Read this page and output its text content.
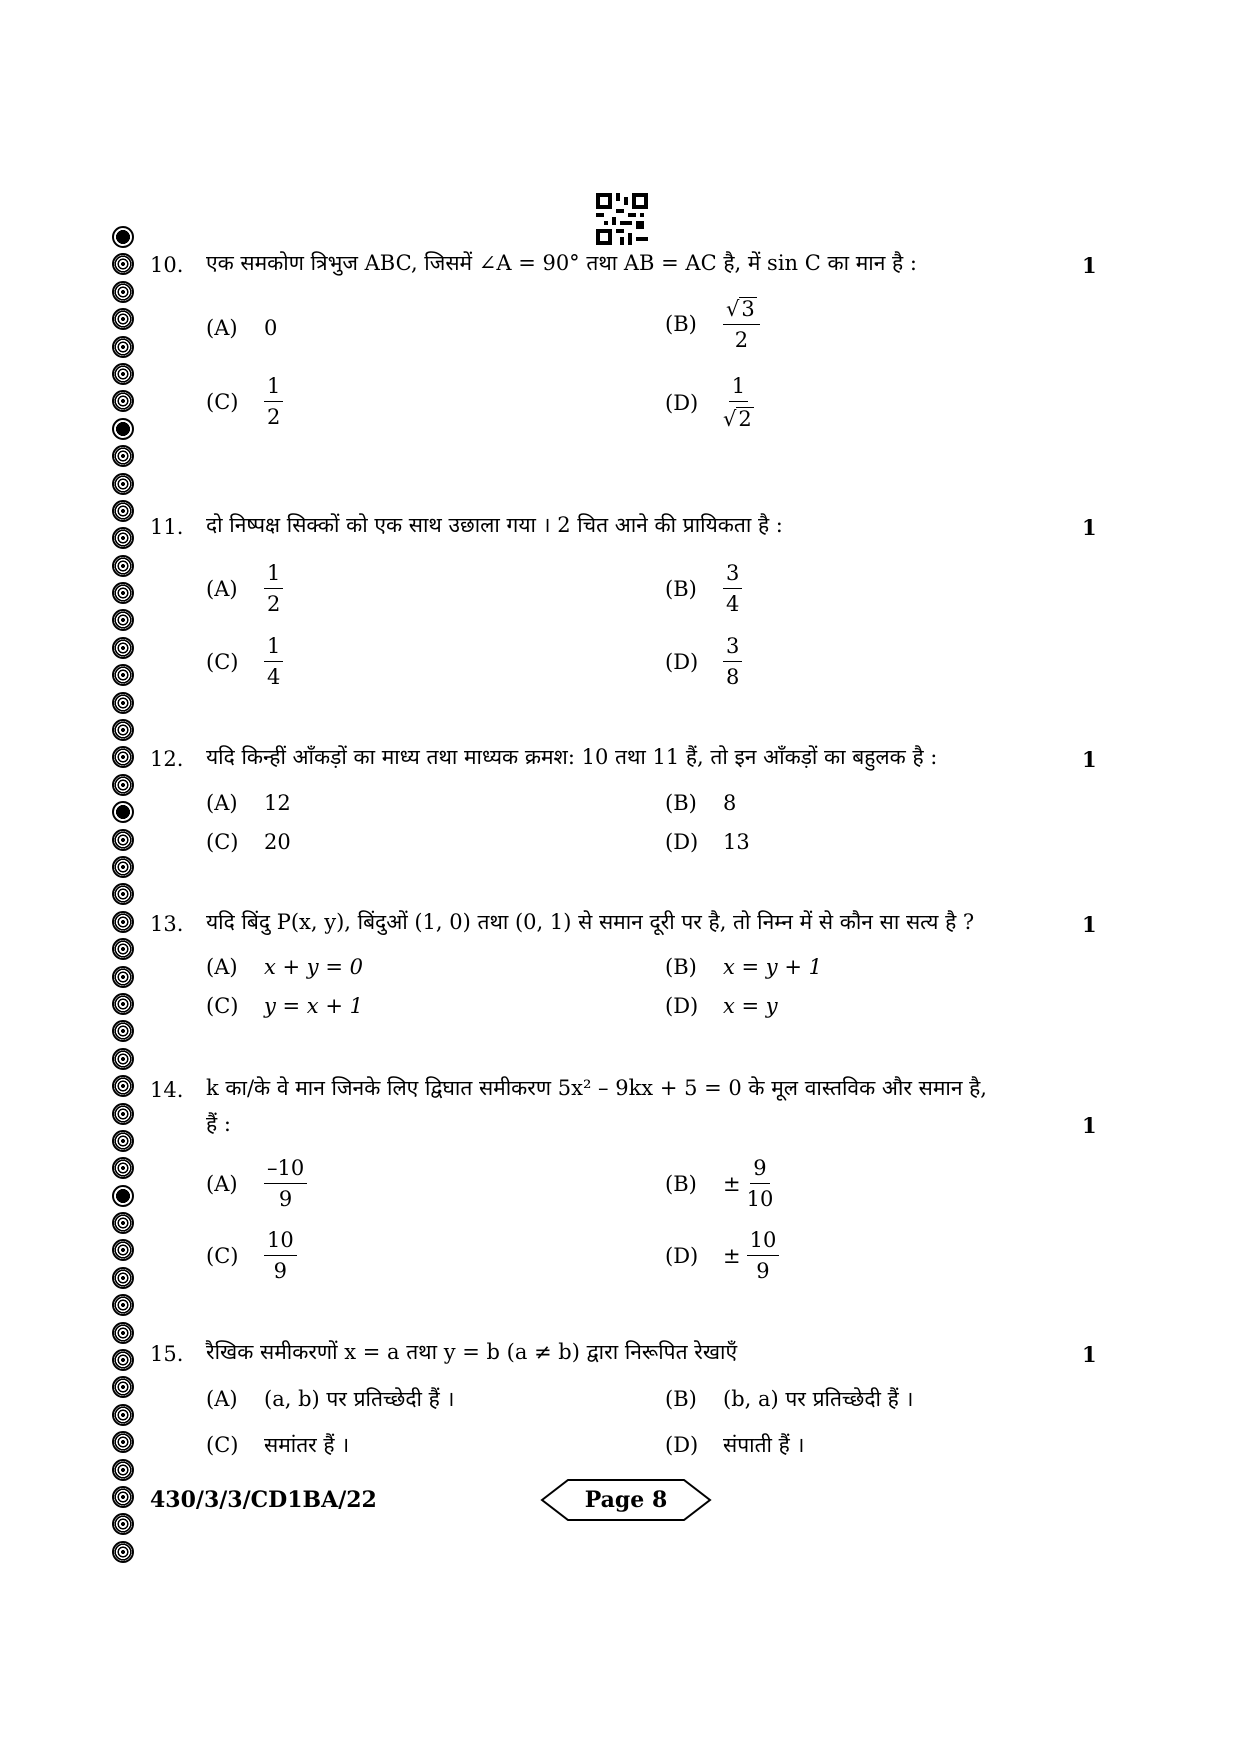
10. एक समकोण त्रिभुज ABC, जिसमें ∠A = 90° तथा AB = AC है, में sin C का मान है :	1
(A)	0	(B)	$\frac{√ 3}{2}$
(C)	$\frac{1}{2}$	(D)	$\frac{1}{√ 2}$
11. दो निष्पक्ष सिक्कों को एक साथ उछाला गया । 2 चित आने की प्रायिकता है :	1
(A)	$\frac{1}{2}$	(B)	$\frac{3}{4}$
(C)	$\frac{1}{4}$	(D)	$\frac{3}{8}$
12. यदि किन्हीं आँकड़ों का माध्य तथा माध्यक क्रमश: 10 तथा 11 हैं, तो इन आँकड़ों का बहुलक है :	1
(A)	12	(B)	8
(C)	20	(D)	13
13. यदि बिंदु P(x, y), बिंदुओं (1, 0) तथा (0, 1) से समान दूरी पर है, तो निम्न में से कौन सा सत्य है ?	1
(A)	x + y = 0	(B)	x = y + 1
(C)	y = x + 1	(D)	x = y
14. k का/के वे मान जिनके लिए द्विघात समीकरण 5x² – 9kx + 5 = 0 के मूल वास्तविक और समान है,
हैं :	1
(A)	$\frac{-10}{9}$	(B)	± $\frac{9}{10}$
(C)	$\frac{10}{9}$	(D)	± $\frac{10}{9}$
15. रैखिक समीकरणों x = a तथा y = b (a ≠ b) द्वारा निरूपित रेखाएँ	1
(A)	(a, b) पर प्रतिच्छेदी हैं ।	(B)	(b, a) पर प्रतिच्छेदी हैं ।
(C)	समांतर हैं ।	(D)	संपाती हैं ।
430/3/3/CD1BA/22	Page 8
